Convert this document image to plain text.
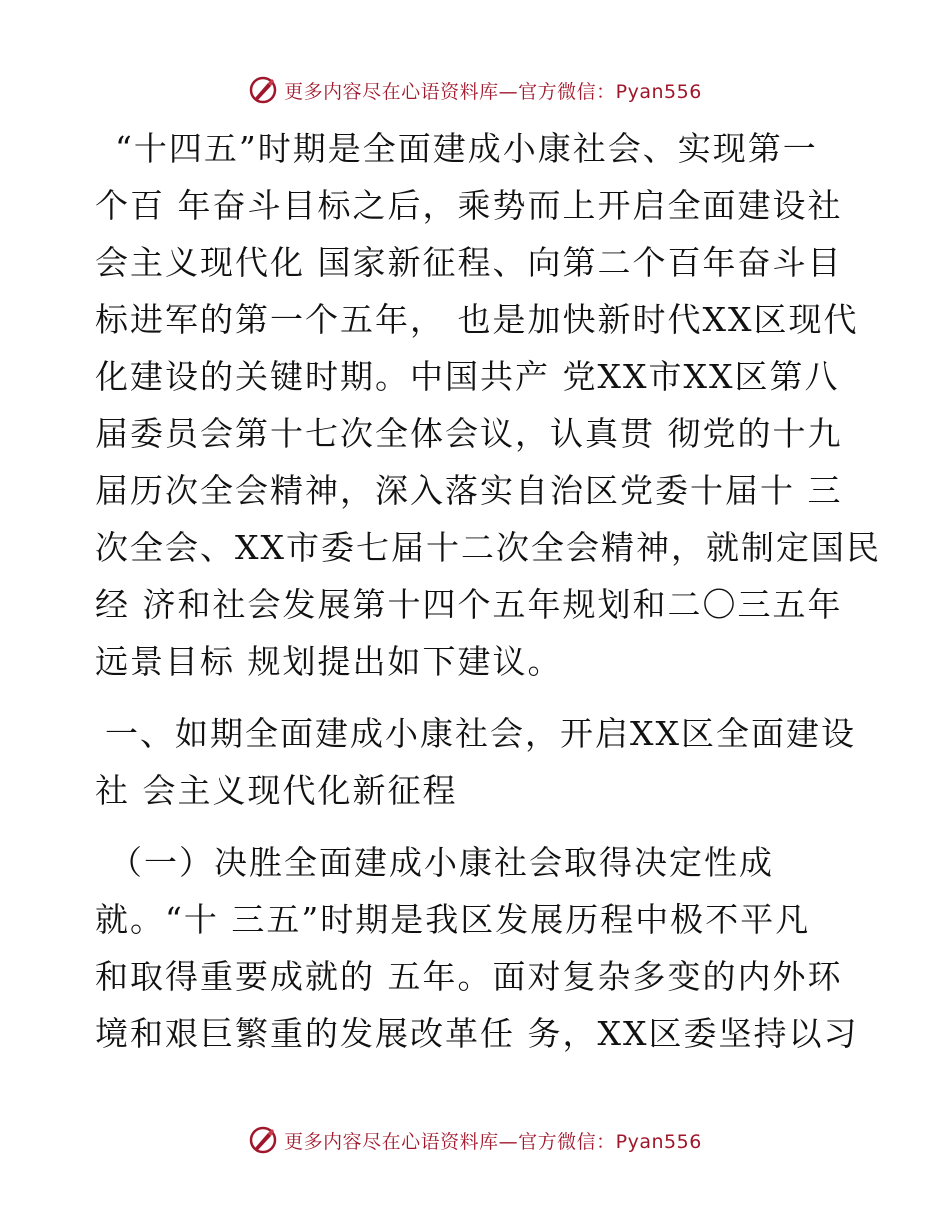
更多内容尽在心语资料库—官方微信：Pyan556

“十四五”时期是全面建成小康社会、实现第一
个百 年奋斗目标之后，乘势而上开启全面建设社
会主义现代化 国家新征程、向第二个百年奋斗目
标进军的第一个五年， 也是加快新时代XX区现代
化建设的关键时期。中国共产 党XX市XX区第八
届委员会第十七次全体会议，认真贯 彻党的十九
届历次全会精神，深入落实自治区党委十届十 三
次全会、XX市委七届十二次全会精神，就制定国民
经 济和社会发展第十四个五年规划和二〇三五年
远景目标 规划提出如下建议。

一、如期全面建成小康社会，开启XX区全面建设
社 会主义现代化新征程

（一）决胜全面建成小康社会取得决定性成
就。“十 三五”时期是我区发展历程中极不平凡
和取得重要成就的 五年。面对复杂多变的内外环
境和艰巨繁重的发展改革任 务，XX区委坚持以习

更多内容尽在心语资料库—官方微信：Pyan556
